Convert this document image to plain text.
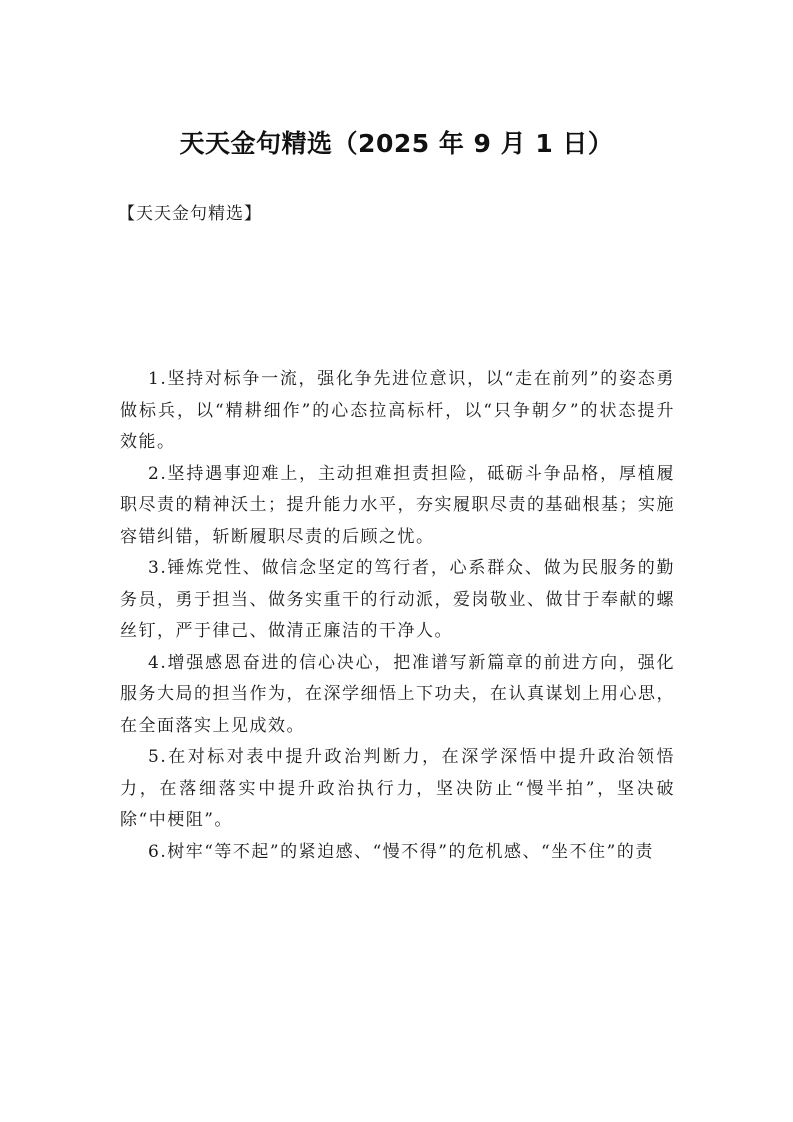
天天金句精选（2025 年 9 月 1 日）

【天天金句精选】

1.坚持对标争一流，强化争先进位意识，以“走在前列”的姿态勇做标兵，以“精耕细作”的心态拉高标杆，以“只争朝夕”的状态提升效能。

2.坚持遇事迎难上，主动担难担责担险，砥砺斗争品格，厚植履职尽责的精神沃土；提升能力水平，夯实履职尽责的基础根基；实施容错纠错，斩断履职尽责的后顾之忧。

3.锤炼党性、做信念坚定的笃行者，心系群众、做为民服务的勤务员，勇于担当、做务实重干的行动派，爱岗敬业、做甘于奉献的螺丝钉，严于律己、做清正廉洁的干净人。

4.增强感恩奋进的信心决心，把准谱写新篇章的前进方向，强化服务大局的担当作为，在深学细悟上下功夫，在认真谋划上用心思，在全面落实上见成效。

5.在对标对表中提升政治判断力，在深学深悟中提升政治领悟力，在落细落实中提升政治执行力，坚决防止“慢半拍”，坚决破除“中梗阻”。

6.树牢“等不起”的紧迫感、“慢不得”的危机感、“坐不住”的责
